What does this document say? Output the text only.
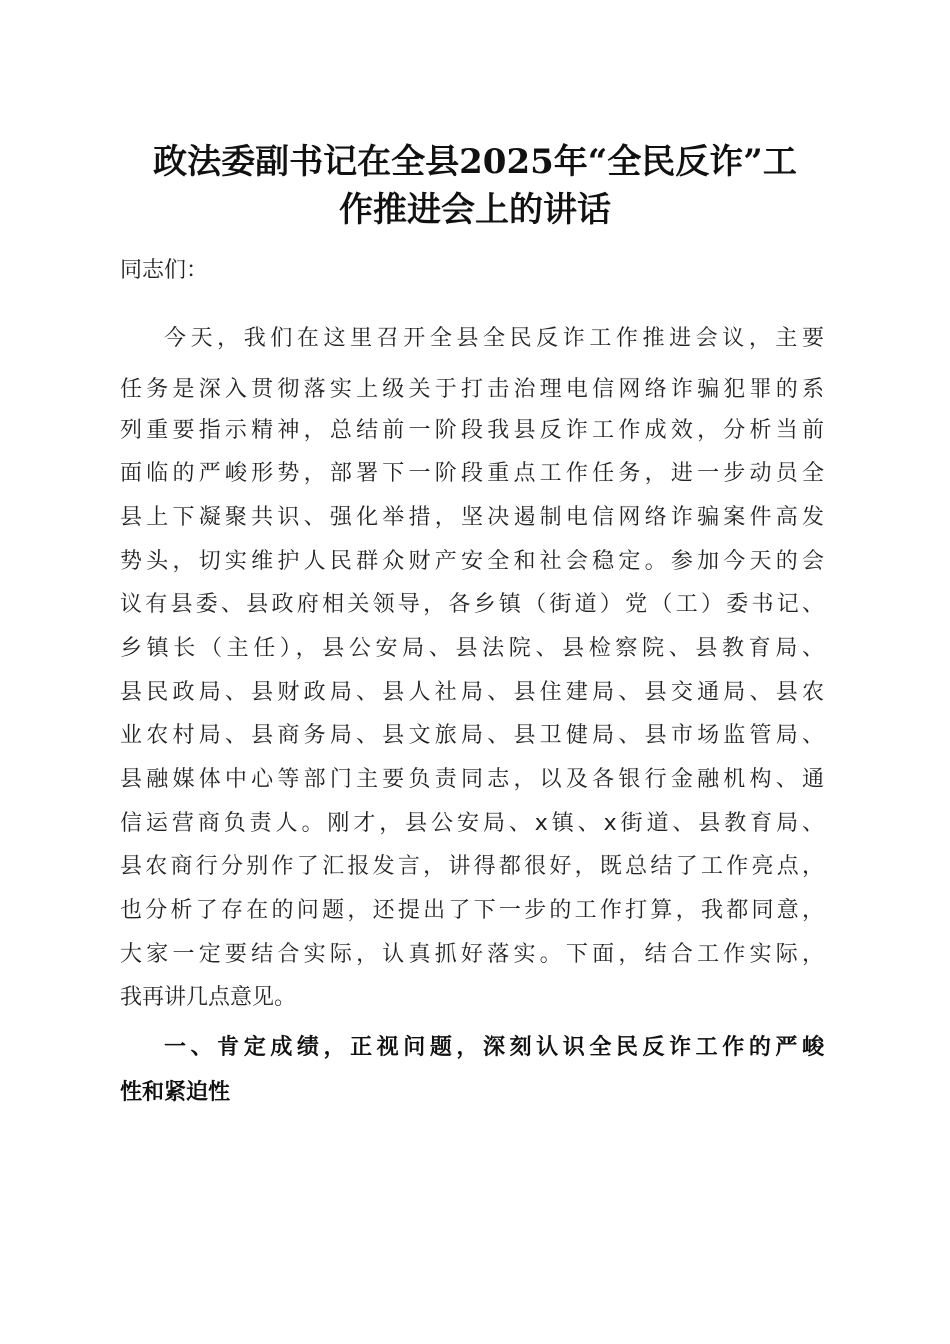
政法委副书记在全县2025年“全民反诈”工
作推进会上的讲话

同志们：

今天，我们在这里召开全县全民反诈工作推进会议，主要

任务是深入贯彻落实上级关于打击治理电信网络诈骗犯罪的系

列重要指示精神，总结前一阶段我县反诈工作成效，分析当前

面临的严峻形势，部署下一阶段重点工作任务，进一步动员全

县上下凝聚共识、强化举措，坚决遏制电信网络诈骗案件高发

势头，切实维护人民群众财产安全和社会稳定。参加今天的会

议有县委、县政府相关领导，各乡镇（街道）党（工）委书记、

乡镇长（主任），县公安局、县法院、县检察院、县教育局、

县民政局、县财政局、县人社局、县住建局、县交通局、县农

业农村局、县商务局、县文旅局、县卫健局、县市场监管局、

县融媒体中心等部门主要负责同志，以及各银行金融机构、通

信运营商负责人。刚才，县公安局、x镇、x街道、县教育局、

县农商行分别作了汇报发言，讲得都很好，既总结了工作亮点，

也分析了存在的问题，还提出了下一步的工作打算，我都同意，

大家一定要结合实际，认真抓好落实。下面，结合工作实际，

我再讲几点意见。

一、肯定成绩，正视问题，深刻认识全民反诈工作的严峻
性和紧迫性
